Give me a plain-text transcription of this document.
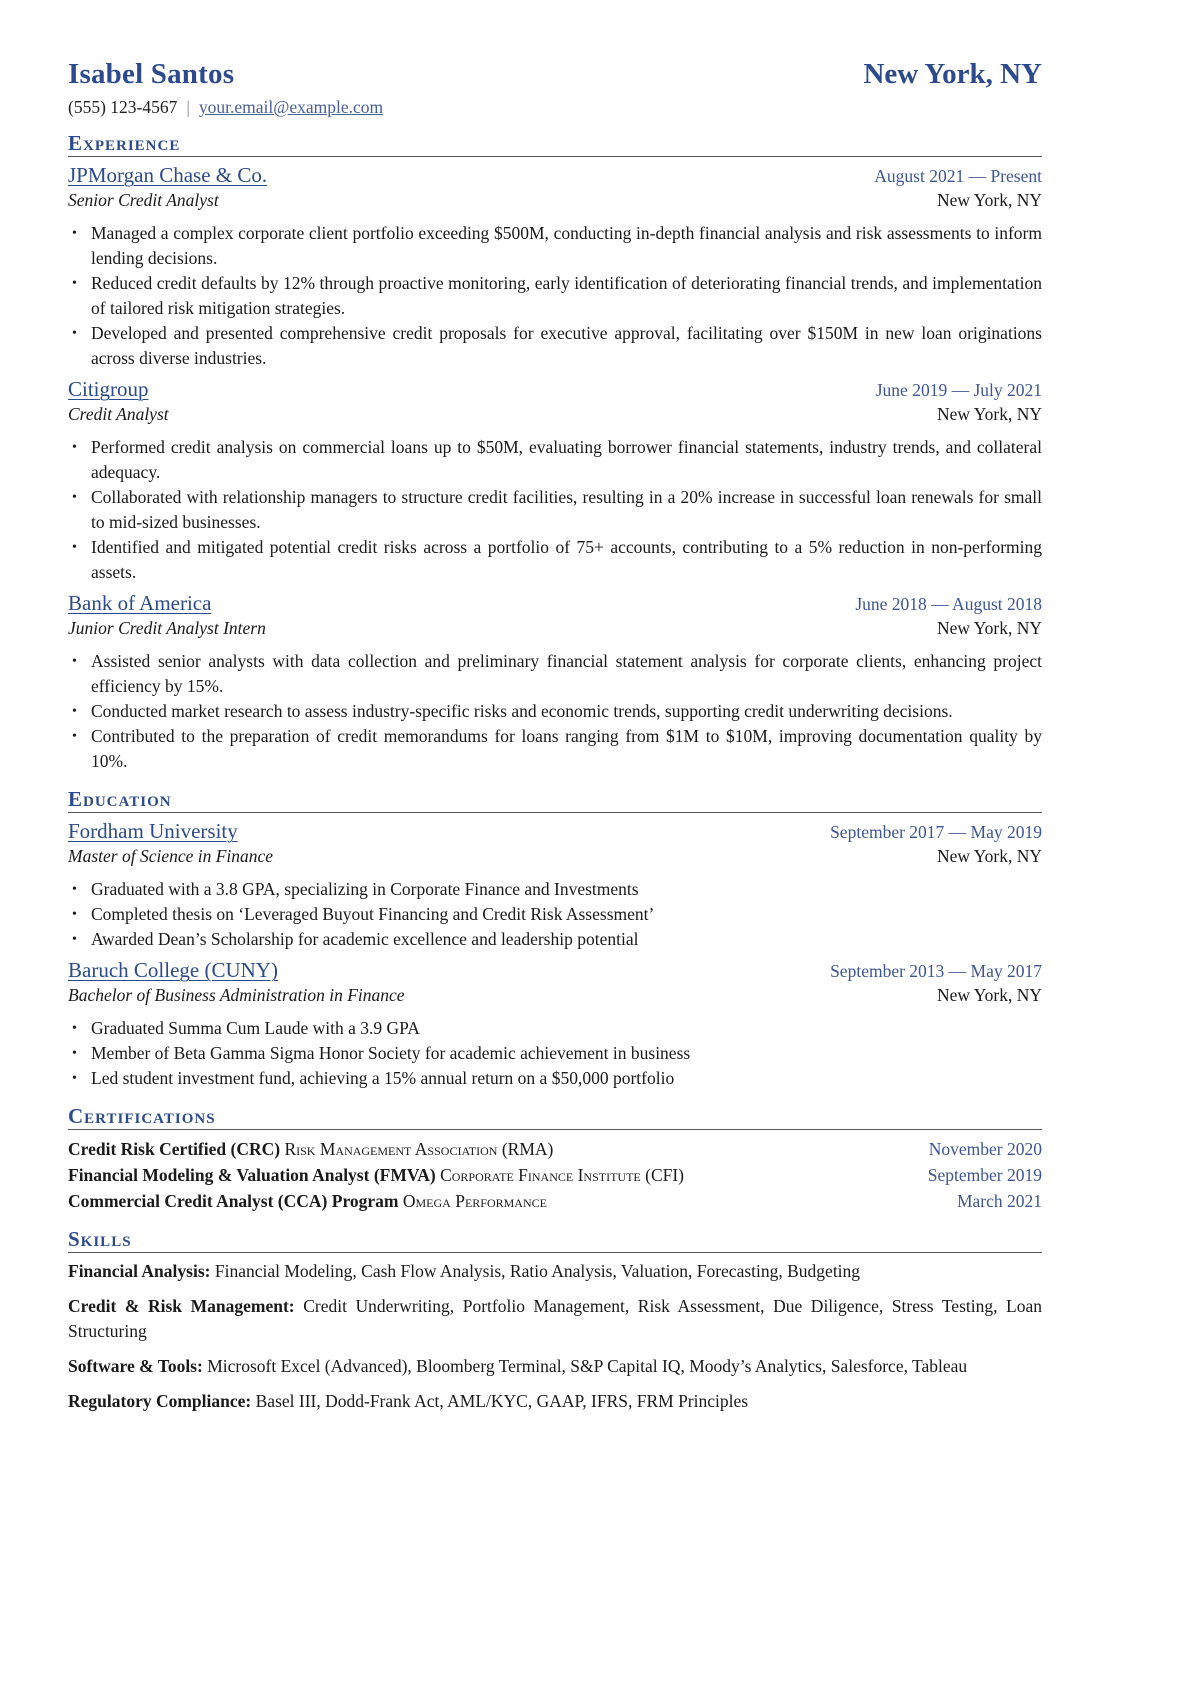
Isabel Santos	New York, NY
(555) 123-4567 | your.email@example.com
Experience
JPMorgan Chase & Co.	August 2021 — Present
Senior Credit Analyst	New York, NY
• Managed a complex corporate client portfolio exceeding $500M, conducting in-depth financial analysis and risk assessments to inform lending decisions.
• Reduced credit defaults by 12% through proactive monitoring, early identification of deteriorating financial trends, and implementation of tailored risk mitigation strategies.
• Developed and presented comprehensive credit proposals for executive approval, facilitating over $150M in new loan originations across diverse industries.
Citigroup	June 2019 — July 2021
Credit Analyst	New York, NY
• Performed credit analysis on commercial loans up to $50M, evaluating borrower financial statements, industry trends, and collateral adequacy.
• Collaborated with relationship managers to structure credit facilities, resulting in a 20% increase in successful loan renewals for small to mid-sized businesses.
• Identified and mitigated potential credit risks across a portfolio of 75+ accounts, contributing to a 5% reduction in non-performing assets.
Bank of America	June 2018 — August 2018
Junior Credit Analyst Intern	New York, NY
• Assisted senior analysts with data collection and preliminary financial statement analysis for corporate clients, enhancing project efficiency by 15%.
• Conducted market research to assess industry-specific risks and economic trends, supporting credit underwriting decisions.
• Contributed to the preparation of credit memorandums for loans ranging from $1M to $10M, improving documentation quality by 10%.
Education
Fordham University	September 2017 — May 2019
Master of Science in Finance	New York, NY
• Graduated with a 3.8 GPA, specializing in Corporate Finance and Investments
• Completed thesis on ‘Leveraged Buyout Financing and Credit Risk Assessment’
• Awarded Dean’s Scholarship for academic excellence and leadership potential
Baruch College (CUNY)	September 2013 — May 2017
Bachelor of Business Administration in Finance	New York, NY
• Graduated Summa Cum Laude with a 3.9 GPA
• Member of Beta Gamma Sigma Honor Society for academic achievement in business
• Led student investment fund, achieving a 15% annual return on a $50,000 portfolio
Certifications
Credit Risk Certified (CRC) Risk Management Association (RMA)	November 2020
Financial Modeling & Valuation Analyst (FMVA) Corporate Finance Institute (CFI)	September 2019
Commercial Credit Analyst (CCA) Program Omega Performance	March 2021
Skills
Financial Analysis: Financial Modeling, Cash Flow Analysis, Ratio Analysis, Valuation, Forecasting, Budgeting
Credit & Risk Management: Credit Underwriting, Portfolio Management, Risk Assessment, Due Diligence, Stress Testing, Loan Structuring
Software & Tools: Microsoft Excel (Advanced), Bloomberg Terminal, S&P Capital IQ, Moody’s Analytics, Salesforce, Tableau
Regulatory Compliance: Basel III, Dodd-Frank Act, AML/KYC, GAAP, IFRS, FRM Principles
